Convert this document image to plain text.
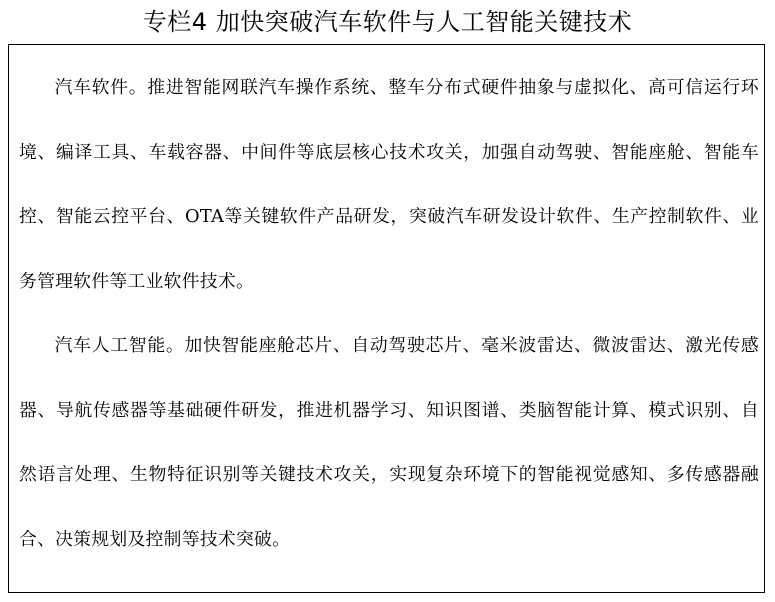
专栏4 加快突破汽车软件与人工智能关键技术

汽车软件。推进智能网联汽车操作系统、整车分布式硬件抽象与虚拟化、高可信运行环境、编译工具、车载容器、中间件等底层核心技术攻关，加强自动驾驶、智能座舱、智能车控、智能云控平台、OTA等关键软件产品研发，突破汽车研发设计软件、生产控制软件、业务管理软件等工业软件技术。

汽车人工智能。加快智能座舱芯片、自动驾驶芯片、毫米波雷达、微波雷达、激光传感器、导航传感器等基础硬件研发，推进机器学习、知识图谱、类脑智能计算、模式识别、自然语言处理、生物特征识别等关键技术攻关，实现复杂环境下的智能视觉感知、多传感器融合、决策规划及控制等技术突破。
